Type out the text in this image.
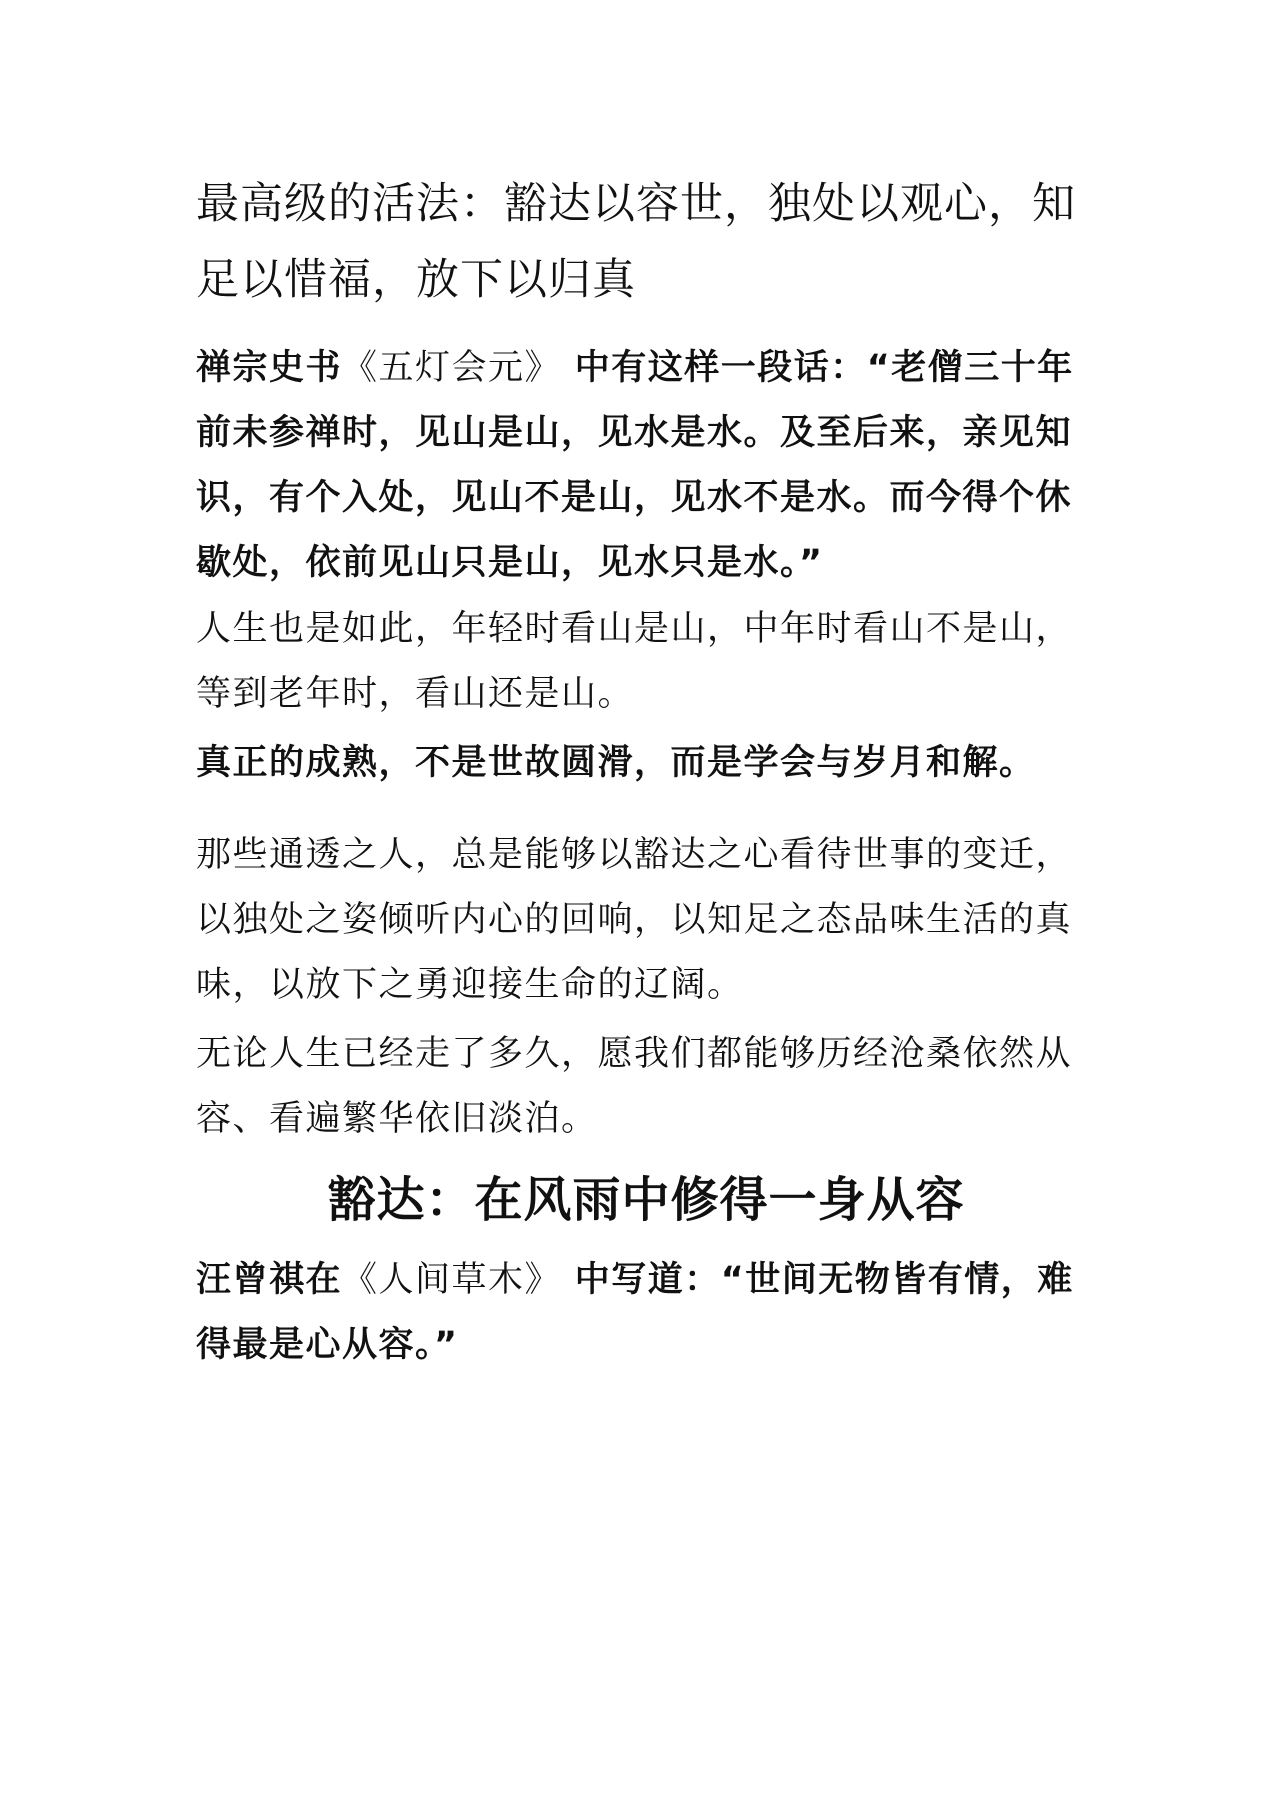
最高级的活法：豁达以容世，独处以观心，知足以惜福，放下以归真

禅宗史书《五灯会元》 中有这样一段话：“老僧三十年前未参禅时，见山是山，见水是水。及至后来，亲见知识，有个入处，见山不是山，见水不是水。而今得个休歇处，依前见山只是山，见水只是水。”

人生也是如此，年轻时看山是山，中年时看山不是山，等到老年时，看山还是山。

真正的成熟，不是世故圆滑，而是学会与岁月和解。

那些通透之人，总是能够以豁达之心看待世事的变迁，以独处之姿倾听内心的回响，以知足之态品味生活的真味，以放下之勇迎接生命的辽阔。

无论人生已经走了多久，愿我们都能够历经沧桑依然从容、看遍繁华依旧淡泊。

豁达：在风雨中修得一身从容

汪曾祺在《人间草木》 中写道：“世间无物皆有情，难得最是心从容。”
